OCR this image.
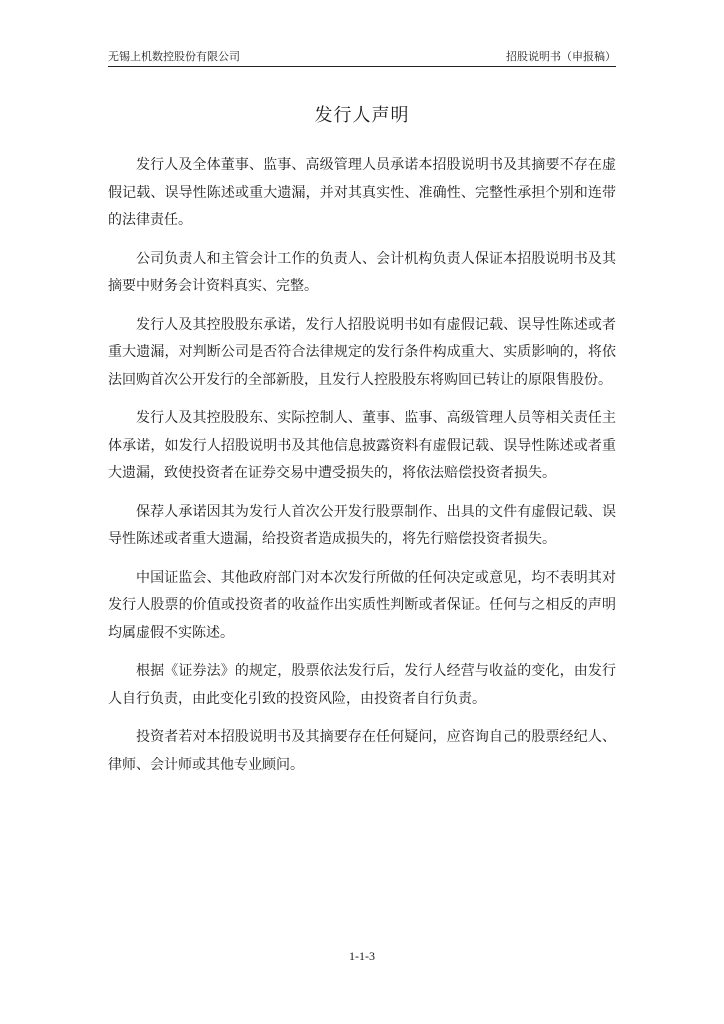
无锡上机数控股份有限公司	招股说明书（申报稿）
发行人声明

发行人及全体董事、监事、高级管理人员承诺本招股说明书及其摘要不存在虚假记载、误导性陈述或重大遗漏，并对其真实性、准确性、完整性承担个别和连带的法律责任。

公司负责人和主管会计工作的负责人、会计机构负责人保证本招股说明书及其摘要中财务会计资料真实、完整。

发行人及其控股股东承诺，发行人招股说明书如有虚假记载、误导性陈述或者重大遗漏，对判断公司是否符合法律规定的发行条件构成重大、实质影响的，将依法回购首次公开发行的全部新股，且发行人控股股东将购回已转让的原限售股份。

发行人及其控股股东、实际控制人、董事、监事、高级管理人员等相关责任主体承诺，如发行人招股说明书及其他信息披露资料有虚假记载、误导性陈述或者重大遗漏，致使投资者在证券交易中遭受损失的，将依法赔偿投资者损失。

保荐人承诺因其为发行人首次公开发行股票制作、出具的文件有虚假记载、误导性陈述或者重大遗漏，给投资者造成损失的，将先行赔偿投资者损失。

中国证监会、其他政府部门对本次发行所做的任何决定或意见，均不表明其对发行人股票的价值或投资者的收益作出实质性判断或者保证。任何与之相反的声明均属虚假不实陈述。

根据《证券法》的规定，股票依法发行后，发行人经营与收益的变化，由发行人自行负责，由此变化引致的投资风险，由投资者自行负责。

投资者若对本招股说明书及其摘要存在任何疑问，应咨询自己的股票经纪人、律师、会计师或其他专业顾问。

1-1-3
